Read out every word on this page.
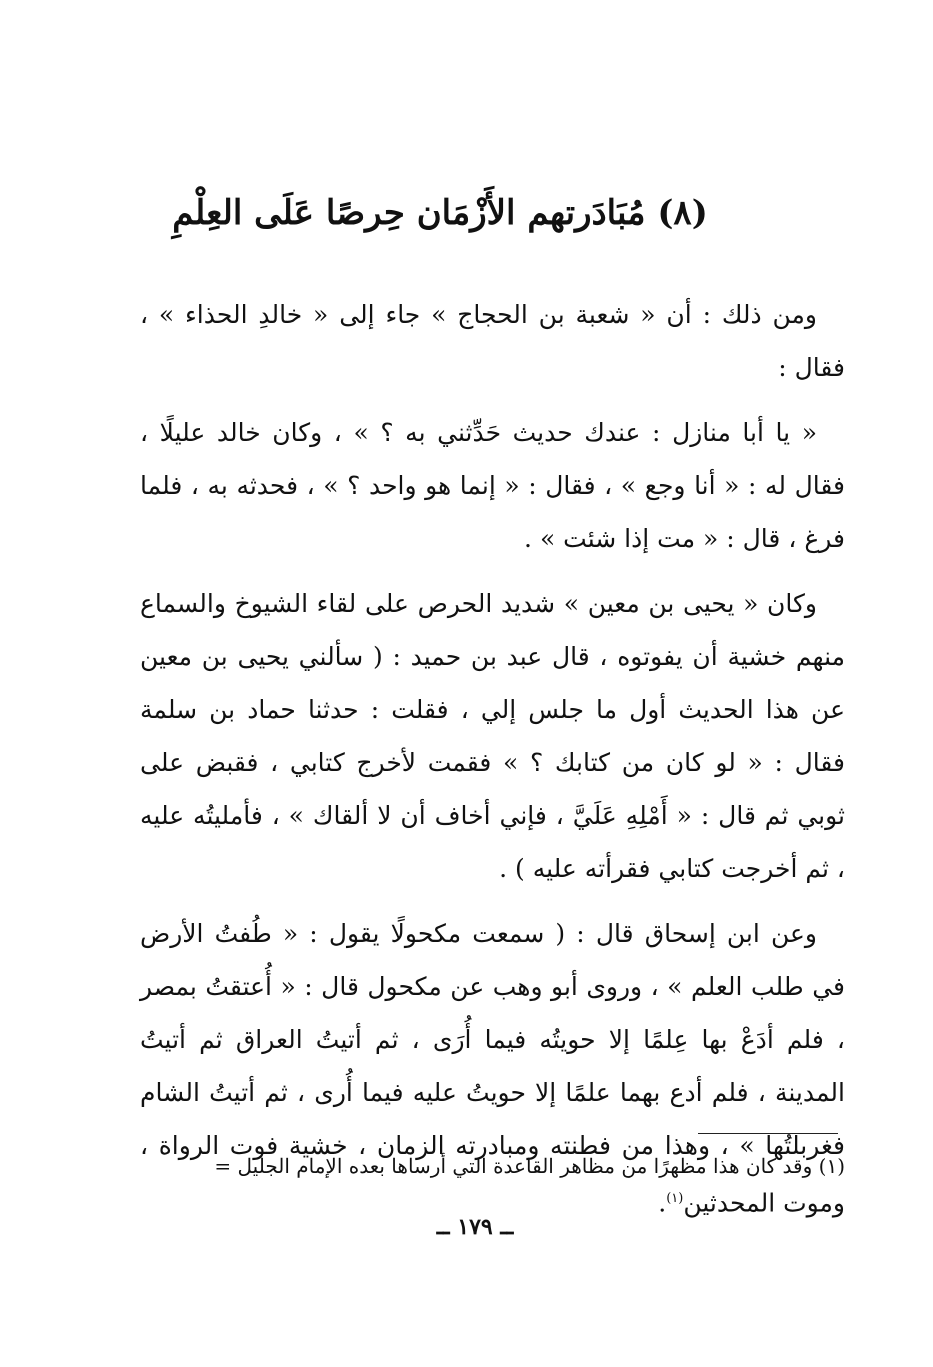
(٨) مُبَادَرتهم الأَزْمَان حِرصًا عَلَى العِلْمِ

ومن ذلك : أن « شعبة بن الحجاج » جاء إلى « خالدِ الحذاء » ، فقال :

« يا أبا منازل : عندك حديث حَدِّثني به ؟ » ، وكان خالد عليلًا ، فقال له : « أنا وجع » ، فقال : « إنما هو واحد ؟ » ، فحدثه به ، فلما فرغ ، قال : « مت إذا شئت » .

وكان « يحيى بن معين » شديد الحرص على لقاء الشيوخ والسماع منهم خشية أن يفوتوه ، قال عبد بن حميد : ( سألني يحيى بن معين عن هذا الحديث أول ما جلس إلي ، فقلت : حدثنا حماد بن سلمة فقال : « لو كان من كتابك ؟ » فقمت لأخرج كتابي ، فقبض على ثوبي ثم قال : « أَمْلِهِ عَلَيَّ ، فإني أخاف أن لا ألقاك » ، فأمليتُه عليه ، ثم أخرجت كتابي فقرأته عليه ) .

وعن ابن إسحاق قال : ( سمعت مكحولًا يقول : « طُفتُ الأرض في طلب العلم » ، وروى أبو وهب عن مكحول قال : « أُعتقتُ بمصر ، فلم أدَعْ بها عِلمًا إلا حويتُه فيما أُرَى ، ثم أتيتُ العراق ثم أتيتُ المدينة ، فلم أدع بهما علمًا إلا حويتُ عليه فيما أُرى ، ثم أتيتُ الشام فغربلتُها » ، وهذا من فطنته ومبادرته الزمان ، خشية فوت الرواة ، وموت المحدثين$^{(١)}$.

(١) وقد كان هذا مظهرًا من مظاهر القاعدة التي أرساها بعده الإمام الجليل =
ــ ١٧٩ ــ
